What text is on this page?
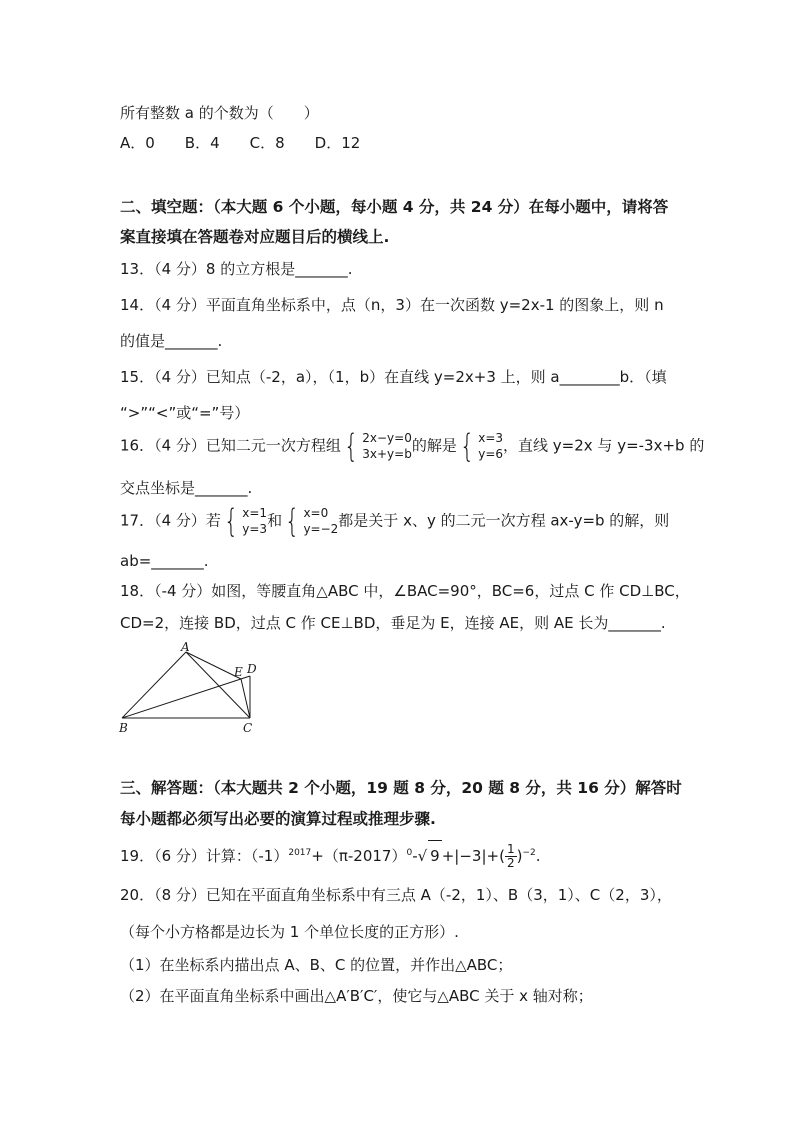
所有整数 a 的个数为（　　）
A．0　　B．4　　C．8　　D．12
二、填空题：（本大题 6 个小题，每小题 4 分，共 24 分）在每小题中，请将答
案直接填在答题卷对应题目后的横线上.
13．（4 分）8 的立方根是_______.
14．（4 分）平面直角坐标系中，点（n，3）在一次函数 y=2x-1 的图象上，则 n
的值是_______.
15．（4 分）已知点（-2，a），（1，b）在直线 y=2x+3 上，则 a________b．（填
“>”“<”或“=”号）
16．（4 分）已知二元一次方程组{ 2x−y=0
3x+y=b 的解是{ x=3
y=6 ，直线 y=2x 与 y=-3x+b 的
交点坐标是_______.
17．（4 分）若{ x=1
y=3 和{ x=0
y=−2 都是关于 x、y 的二元一次方程 ax-y=b 的解，则
ab=_______.
18．（-4 分）如图，等腰直角△ABC 中，∠BAC=90°，BC=6，过点 C 作 CD⊥BC，
CD=2，连接 BD，过点 C 作 CE⊥BD，垂足为 E，连接 AE，则 AE 长为_______.
A
B	C
D
E
三、解答题：（本大题共 2 个小题，19 题 8 分，20 题 8 分，共 16 分）解答时
每小题都必须写出必要的演算过程或推理步骤.
19．（6 分）计算：$(-1)^{2017}+(\pi-2017)^0-√$ $9 +|-3|+( \frac{1}{2} )^{-2}$.
20．（8 分）已知在平面直角坐标系中有三点 A（-2，1）、B（3，1）、C（2，3），
（每个小方格都是边长为 1 个单位长度的正方形）.
（1）在坐标系内描出点 A、B、C 的位置，并作出△ABC；
（2）在平面直角坐标系中画出△A′B′C′，使它与△ABC 关于 x 轴对称；
